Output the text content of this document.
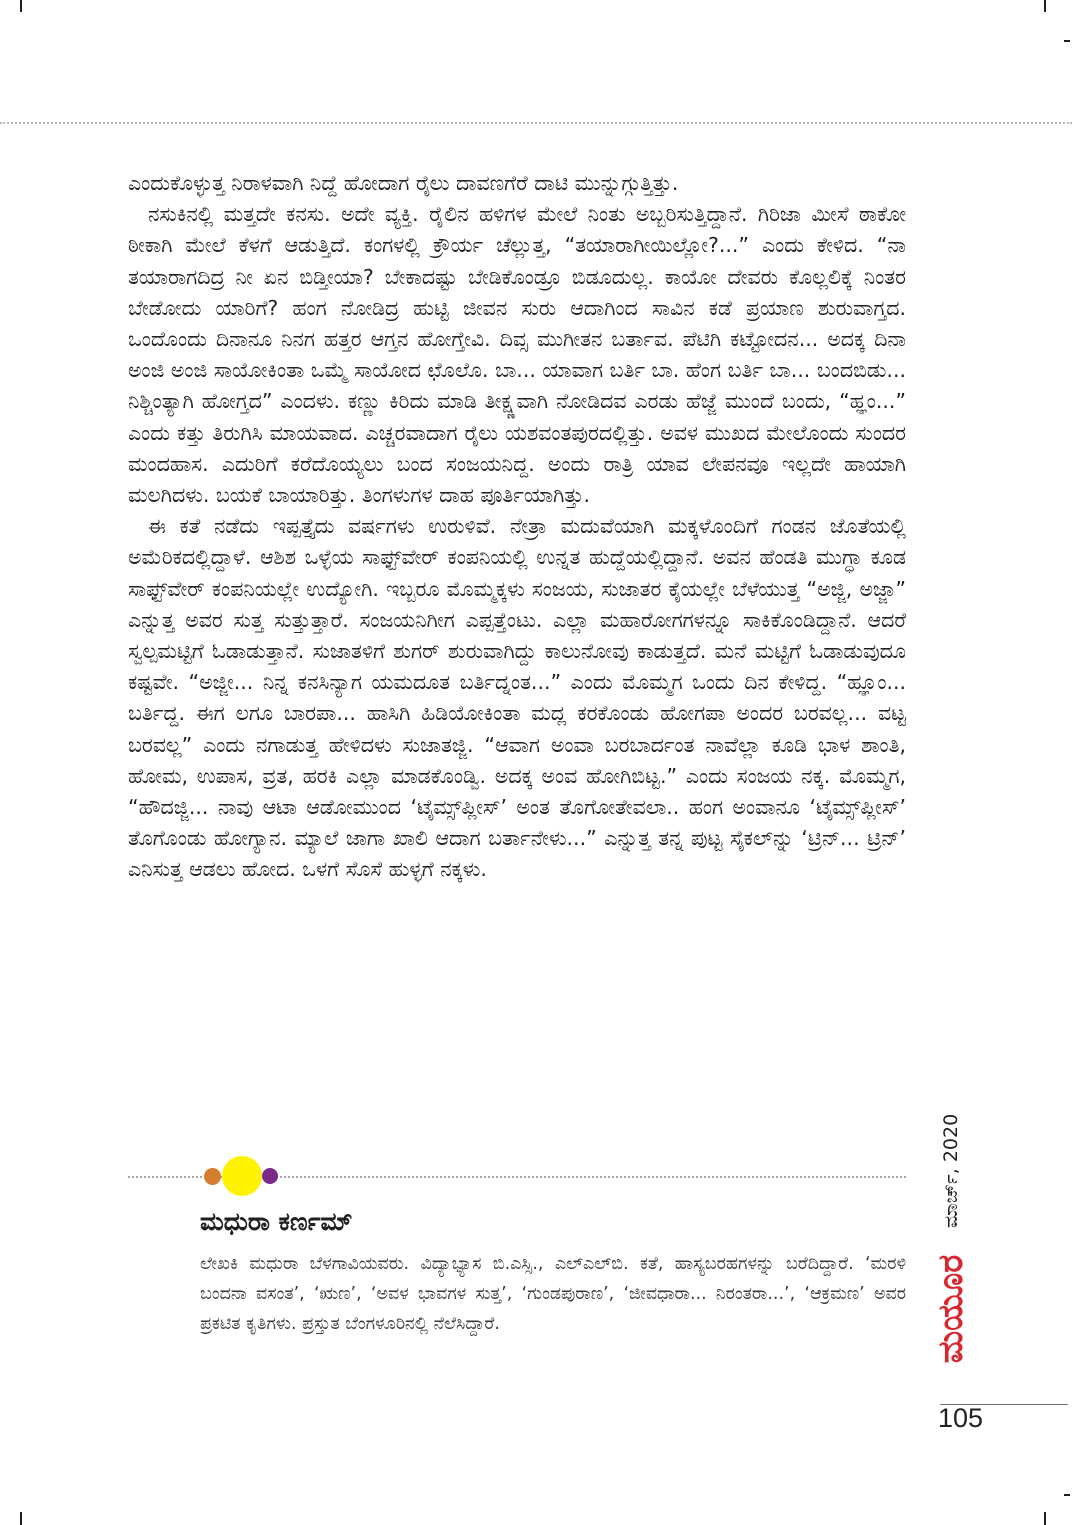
ಎಂದುಕೊಳ್ಳುತ್ತ ನಿರಾಳವಾಗಿ ನಿದ್ದೆ ಹೋದಾಗ ರೈಲು ದಾವಣಗೆರೆ ದಾಟಿ ಮುನ್ನುಗ್ಗುತ್ತಿತ್ತು.

ನಸುಕಿನಲ್ಲಿ ಮತ್ತದೇ ಕನಸು. ಅದೇ ವ್ಯಕ್ತಿ. ರೈಲಿನ ಹಳಿಗಳ ಮೇಲೆ ನಿಂತು ಅಬ್ಬರಿಸುತ್ತಿದ್ದಾನೆ. ಗಿರಿಜಾ ಮೀಸೆ ಠಾಕೋ ಠೀಕಾಗಿ ಮೇಲೆ ಕೆಳಗೆ ಆಡುತ್ತಿದೆ. ಕಂಗಳಲ್ಲಿ ಕ್ರೌರ್ಯ ಚೆಲ್ಲುತ್ತ, “ತಯಾರಾಗೀಯಿಲ್ಲೋ?...” ಎಂದು ಕೇಳಿದ. “ನಾ ತಯಾರಾಗದಿದ್ರ ನೀ ಏನ ಬಿಡ್ತೀಯಾ? ಬೇಕಾದಷ್ಟು ಬೇಡಿಕೊಂಡ್ರೂ ಬಿಡೂದುಲ್ಲ. ಕಾಯೋ ದೇವರು ಕೊಲ್ಲಲಿಕ್ಕೆ ನಿಂತರ ಬೇಡೋದು ಯಾರಿಗೆ? ಹಂಗ ನೋಡಿದ್ರ ಹುಟ್ಟಿ ಜೀವನ ಸುರು ಆದಾಗಿಂದ ಸಾವಿನ ಕಡೆ ಪ್ರಯಾಣ ಶುರುವಾಗ್ತದ. ಒಂದೊಂದು ದಿನಾನೂ ನಿನಗ ಹತ್ತರ ಆಗ್ತನ ಹೋಗ್ತೇವಿ. ದಿವ್ಸ ಮುಗೀತನ ಬರ್ತಾವ. ಪೆಟಿಗಿ ಕಟ್ಟೋದನ... ಅದಕ್ಕ ದಿನಾ ಅಂಜಿ ಅಂಜಿ ಸಾಯೋಕಿಂತಾ ಒಮ್ಮೆ ಸಾಯೋದ ಛೊಲೊ. ಬಾ... ಯಾವಾಗ ಬರ್ತಿ ಬಾ. ಹೆಂಗ ಬರ್ತಿ ಬಾ... ಬಂದಬಿಡು... ನಿಶ್ಚಿಂತ್ಯಾಗಿ ಹೋಗ್ತದ” ಎಂದಳು. ಕಣ್ಣು ಕಿರಿದು ಮಾಡಿ ತೀಕ್ಷ್ಣವಾಗಿ ನೋಡಿದವ ಎರಡು ಹೆಜ್ಜೆ ಮುಂದೆ ಬಂದು, “ಹ್ಞಂ...” ಎಂದು ಕತ್ತು ತಿರುಗಿಸಿ ಮಾಯವಾದ. ಎಚ್ಚರವಾದಾಗ ರೈಲು ಯಶವಂತಪುರದಲ್ಲಿತ್ತು. ಅವಳ ಮುಖದ ಮೇಲೊಂದು ಸುಂದರ ಮಂದಹಾಸ. ಎದುರಿಗೆ ಕರೆದೊಯ್ಯಲು ಬಂದ ಸಂಜಯನಿದ್ದ. ಅಂದು ರಾತ್ರಿ ಯಾವ ಲೇಪನವೂ ಇಲ್ಲದೇ ಹಾಯಾಗಿ ಮಲಗಿದಳು. ಬಯಕೆ ಬಾಯಾರಿತ್ತು. ತಿಂಗಳುಗಳ ದಾಹ ಪೂರ್ತಿಯಾಗಿತ್ತು.

ಈ ಕತೆ ನಡೆದು ಇಪ್ಪತ್ತೈದು ವರ್ಷಗಳು ಉರುಳಿವೆ. ನೇತ್ರಾ ಮದುವೆಯಾಗಿ ಮಕ್ಕಳೊಂದಿಗೆ ಗಂಡನ ಜೊತೆಯಲ್ಲಿ ಅಮೆರಿಕದಲ್ಲಿದ್ದಾಳೆ. ಆಶಿಶ ಒಳ್ಳೆಯ ಸಾಫ್ಟ್‌ವೇರ್ ಕಂಪನಿಯಲ್ಲಿ ಉನ್ನತ ಹುದ್ದೆಯಲ್ಲಿದ್ದಾನೆ. ಅವನ ಹೆಂಡತಿ ಮುಗ್ಧಾ ಕೂಡ ಸಾಫ್ಟ್‌ವೇರ್ ಕಂಪನಿಯಲ್ಲೇ ಉದ್ಯೋಗಿ. ಇಬ್ಬರೂ ಮೊಮ್ಮಕ್ಕಳು ಸಂಜಯ, ಸುಜಾತರ ಕೈಯಲ್ಲೇ ಬೆಳೆಯುತ್ತ “ಅಜ್ಜಿ, ಅಜ್ಜಾ” ಎನ್ನುತ್ತ ಅವರ ಸುತ್ತ ಸುತ್ತುತ್ತಾರೆ. ಸಂಜಯನಿಗೀಗ ಎಪ್ಪತ್ತೆಂಟು. ಎಲ್ಲಾ ಮಹಾರೋಗಗಳನ್ನೂ ಸಾಕಿಕೊಂಡಿದ್ದಾನೆ. ಆದರೆ ಸ್ವಲ್ಪಮಟ್ಟಿಗೆ ಓಡಾಡುತ್ತಾನೆ. ಸುಜಾತಳಿಗೆ ಶುಗರ್ ಶುರುವಾಗಿದ್ದು ಕಾಲುನೋವು ಕಾಡುತ್ತದೆ. ಮನೆ ಮಟ್ಟಿಗೆ ಓಡಾಡುವುದೂ ಕಷ್ಟವೇ. “ಅಜ್ಜೀ... ನಿನ್ನ ಕನಸಿನ್ಯಾಗ ಯಮದೂತ ಬರ್ತಿದ್ನಂತ...” ಎಂದು ಮೊಮ್ಮಗ ಒಂದು ದಿನ ಕೇಳಿದ್ದ. “ಹ್ಞೂಂ... ಬರ್ತಿದ್ದ. ಈಗ ಲಗೂ ಬಾರಪಾ... ಹಾಸಿಗಿ ಹಿಡಿಯೋಕಿಂತಾ ಮದ್ಲ ಕರಕೊಂಡು ಹೋಗಪಾ ಅಂದರ ಬರವಲ್ಲ... ವಟ್ಟ ಬರವಲ್ಲ” ಎಂದು ನಗಾಡುತ್ತ ಹೇಳಿದಳು ಸುಜಾತಜ್ಜಿ. “ಆವಾಗ ಅಂವಾ ಬರಬಾರ್ದಂತ ನಾವೆಲ್ಲಾ ಕೂಡಿ ಭಾಳ ಶಾಂತಿ, ಹೋಮ, ಉಪಾಸ, ವ್ರತ, ಹರಕಿ ಎಲ್ಲಾ ಮಾಡಕೊಂಡ್ವಿ. ಅದಕ್ಕ ಅಂವ ಹೋಗಿಬಿಟ್ಟ.” ಎಂದು ಸಂಜಯ ನಕ್ಕ. ಮೊಮ್ಮಗ, “ಹೌದಜ್ಜಿ... ನಾವು ಆಟಾ ಆಡೋಮುಂದ ‘ಟೈಮ್ಸ್‌ಪ್ಲೀಸ್’ ಅಂತ ತೊಗೋತೇವಲಾ.. ಹಂಗ ಅಂವಾನೂ ‘ಟೈಮ್ಸ್‌ಪ್ಲೀಸ್’ ತೊಗೊಂಡು ಹೋಗ್ಯಾನ. ಮ್ಯಾಲೆ ಜಾಗಾ ಖಾಲಿ ಆದಾಗ ಬರ್ತಾನೇಳು...” ಎನ್ನುತ್ತ ತನ್ನ ಪುಟ್ಟ ಸೈಕಲ್‌ನ್ನು ‘ಟ್ರಿನ್... ಟ್ರಿನ್’ ಎನಿಸುತ್ತ ಆಡಲು ಹೋದ. ಒಳಗೆ ಸೊಸೆ ಹುಳ್ಳಗೆ ನಕ್ಕಳು.

ಮಧುರಾ ಕರ್ಣಮ್
ಲೇಖಕಿ ಮಧುರಾ ಬೆಳಗಾವಿಯವರು. ವಿದ್ಯಾಭ್ಯಾಸ ಬಿ.ಎಸ್ಸಿ., ಎಲ್‌ಎಲ್‌ಬಿ. ಕತೆ, ಹಾಸ್ಯಬರಹಗಳನ್ನು ಬರೆದಿದ್ದಾರೆ. ‘ಮರಳಿ ಬಂದನಾ ವಸಂತ’, ‘ಋಣ’, ‘ಅವಳ ಭಾವಗಳ ಸುತ್ತ’, ‘ಗುಂಡಪುರಾಣ’, ‘ಜೀವಧಾರಾ... ನಿರಂತರಾ...’, ‘ಆಕ್ರಮಣ’ ಅವರ ಪ್ರಕಟಿತ ಕೃತಿಗಳು. ಪ್ರಸ್ತುತ ಬೆಂಗಳೂರಿನಲ್ಲಿ ನೆಲೆಸಿದ್ದಾರೆ.
ಮಾರ್ಚ್, 2020
ಮಯೂರ
105
